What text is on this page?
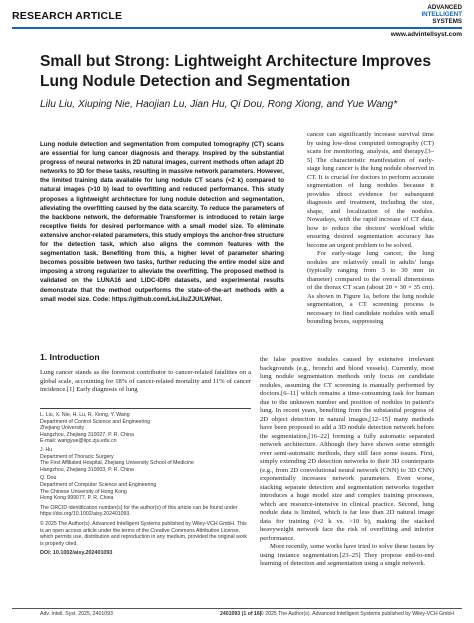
RESEARCH ARTICLE
ADVANCED
INTELLIGENT
SYSTEMS
www.advintellsyst.com
Small but Strong: Lightweight Architecture Improves Lung Nodule Detection and Segmentation
Lilu Liu, Xiuping Nie, Haojian Lu, Jian Hu, Qi Dou, Rong Xiong, and Yue Wang*
Lung nodule detection and segmentation from computed tomography (CT) scans are essential for lung cancer diagnosis and therapy. Inspired by the substantial progress of neural networks in 2D natural images, current methods often adapt 2D networks to 3D for these tasks, resulting in massive network parameters. However, the limited training data available for lung nodule CT scans (≈2 k) compared to natural images (>10 b) lead to overfitting and reduced performance. This study proposes a lightweight architecture for lung nodule detection and segmentation, alleviating the overfitting caused by the data scarcity. To reduce the parameters of the backbone network, the deformable Transformer is introduced to retain large receptive fields for desired performance with a small model size. To eliminate extensive anchor-related parameters, this study employs the anchor-free structure for the detection task, which also aligns the common features with the segmentation task. Benefiting from this, a higher level of parameter sharing becomes possible between two tasks, further reducing the entire model size and imposing a strong regularizer to alleviate the overfitting. The proposed method is validated on the LUNA16 and LIDC-IDRI datasets, and experimental results demonstrate that the method outperforms the state-of-the-art methods with a small model size. Code: https://github.com/LiuLiluZJU/LWNet.

cancer can significantly increase survival time by using low-dose computed tomography (CT) scans for monitoring, analysis, and therapy.[3–5] The characteristic manifestation of early-stage lung cancer is the lung nodule observed in CT. It is crucial for doctors to perform accurate segmentation of lung nodules because it provides direct evidence for subsequent diagnosis and treatment, including the size, shape, and localization of the nodules. Nowadays, with the rapid increase of CT data, how to reduce the doctors' workload while ensuring desired segmentation accuracy has become an urgent problem to be solved.

For early-stage lung cancer, the lung nodules are relatively small in adults' lungs (typically ranging from 3 to 30 mm in diameter) compared to the overall dimensions of the thorax CT scan (about 20 × 30 × 35 cm). As shown in Figure 1a, before the lung nodule segmentation, a CT screening process is necessary to find candidate nodules with small bounding boxes, suppressing

1. Introduction
Lung cancer stands as the foremost contributor to cancer-related fatalities on a global scale, accounting for 18% of cancer-related mortality and 11% of cancer incidence.[1] Early diagnosis of lung
L. Liu, X. Nie, H. Lu, R. Xiong, Y. Wang
Department of Control Science and Engineering
Zhejiang University
Hangzhou, Zhejiang 310027, P. R. China
E-mail: wangyue@iipc.zju.edu.cn
J. Hu
Department of Thoracic Surgery
The First Affiliated Hospital, Zhejiang University School of Medicine
Hangzhou, Zhejiang 310003, P. R. China
Q. Dou
Department of Computer Science and Engineering
The Chinese University of Hong Kong
Hong Kong 999077, P. R. China
The ORCID identification number(s) for the author(s) of this article can be found under https://doi.org/10.1002/aisy.202401093.
© 2025 The Author(s). Advanced Intelligent Systems published by Wiley-VCH GmbH. This is an open access article under the terms of the Creative Commons Attribution License, which permits use, distribution and reproduction in any medium, provided the original work is properly cited.
DOI: 10.1002/aisy.202401093

the false positive nodules caused by extensive irrelevant backgrounds (e.g., bronchi and blood vessels). Currently, most lung nodule segmentation methods only focus on candidate nodules, assuming the CT screening is manually performed by doctors.[6–11] which remains a time-consuming task for human due to the unknown number and position of nodules in patient's lung. In recent years, benefiting from the substantial progress of 2D object detection in natural images,[12–15] many methods have been proposed to add a 3D nodule detection network before the segmentation,[16–22] forming a fully automatic separated network architecture. Although they have shown some strength over semi-automatic methods, they still face some issues. First, simply extending 2D detection networks to their 3D counterparts (e.g., from 2D convolutional neural network (CNN) to 3D CNN) exponentially increases network parameters. Even worse, stacking separate detection and segmentation networks together introduces a huge model size and complex training processes, which are resource-intensive in clinical practice. Second, lung nodule data is limited, which is far less than 2D natural image data for training (≈2 k vs. >10 b), making the stacked heavyweight network face the risk of overfitting and inferior performance.

More recently, some works have tried to solve these issues by using instance segmentation.[23–25] They propose end-to-end learning of detection and segmentation using a single network.

Adv. Intell. Syst. 2025, 2401093	2401093 (1 of 16)
© 2025 The Author(s). Advanced Intelligent Systems published by Wiley-VCH GmbH
